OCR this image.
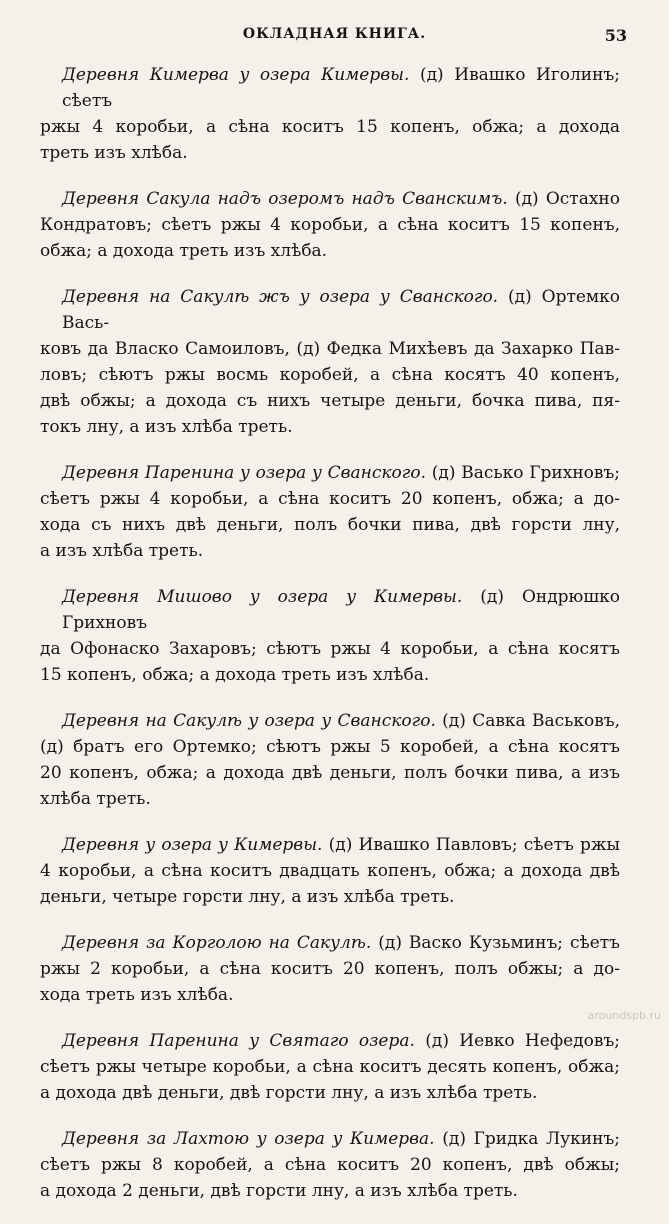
ОКЛАДНАЯ КНИГА.	53
Деревня Кимерва у озера Кимервы. (д) Ивашко Иголинъ; сѣетъ
ржы 4 коробьи, а сѣна коситъ 15 копенъ, обжа; а дохода
треть изъ хлѣба.
Деревня Сакула надъ озеромъ надъ Сванскимъ. (д) Остахно
Кондратовъ; сѣетъ ржы 4 коробьи, а сѣна коситъ 15 копенъ,
обжа; а дохода треть изъ хлѣба.
Деревня на Сакулѣ жъ у озера у Сванского. (д) Ортемко Вась-
ковъ да Власко Самоиловъ, (д) Федка Михѣевъ да Захарко Пав-
ловъ; сѣютъ ржы восмь коробей, а сѣна косятъ 40 копенъ,
двѣ обжы; а дохода съ нихъ четыре деньги, бочка пива, пя-
токъ лну, а изъ хлѣба треть.
Деревня Паренина у озера у Сванского. (д) Васько Грихновъ;
сѣетъ ржы 4 коробьи, а сѣна коситъ 20 копенъ, обжа; а до-
хода съ нихъ двѣ деньги, полъ бочки пива, двѣ горсти лну,
а изъ хлѣба треть.
Деревня Мишово у озера у Кимервы. (д) Ондрюшко Грихновъ
да Офонаско Захаровъ; сѣютъ ржы 4 коробьи, а сѣна косятъ
15 копенъ, обжа; а дохода треть изъ хлѣба.
Деревня на Сакулѣ у озера у Сванского. (д) Савка Васьковъ,
(д) братъ его Ортемко; сѣютъ ржы 5 коробей, а сѣна косятъ
20 копенъ, обжа; а дохода двѣ деньги, полъ бочки пива, а изъ
хлѣба треть.
Деревня у озера у Кимервы. (д) Ивашко Павловъ; сѣетъ ржы
4 коробьи, а сѣна коситъ двадцать копенъ, обжа; а дохода двѣ
деньги, четыре горсти лну, а изъ хлѣба треть.
Деревня за Корголою на Сакулѣ. (д) Васко Кузьминъ; сѣетъ
ржы 2 коробьи, а сѣна коситъ 20 копенъ, полъ обжы; а до-
хода треть изъ хлѣба.
Деревня Паренина у Святаго озера. (д) Иевко Нефедовъ;
сѣетъ ржы четыре коробьи, а сѣна коситъ десять копенъ, обжа;
а дохода двѣ деньги, двѣ горсти лну, а изъ хлѣба треть.
Деревня за Лахтою у озера у Кимерва. (д) Гридка Лукинъ;
сѣетъ ржы 8 коробей, а сѣна коситъ 20 копенъ, двѣ обжы;
а дохода 2 деньги, двѣ горсти лну, а изъ хлѣба треть.
aroundspb.ru
